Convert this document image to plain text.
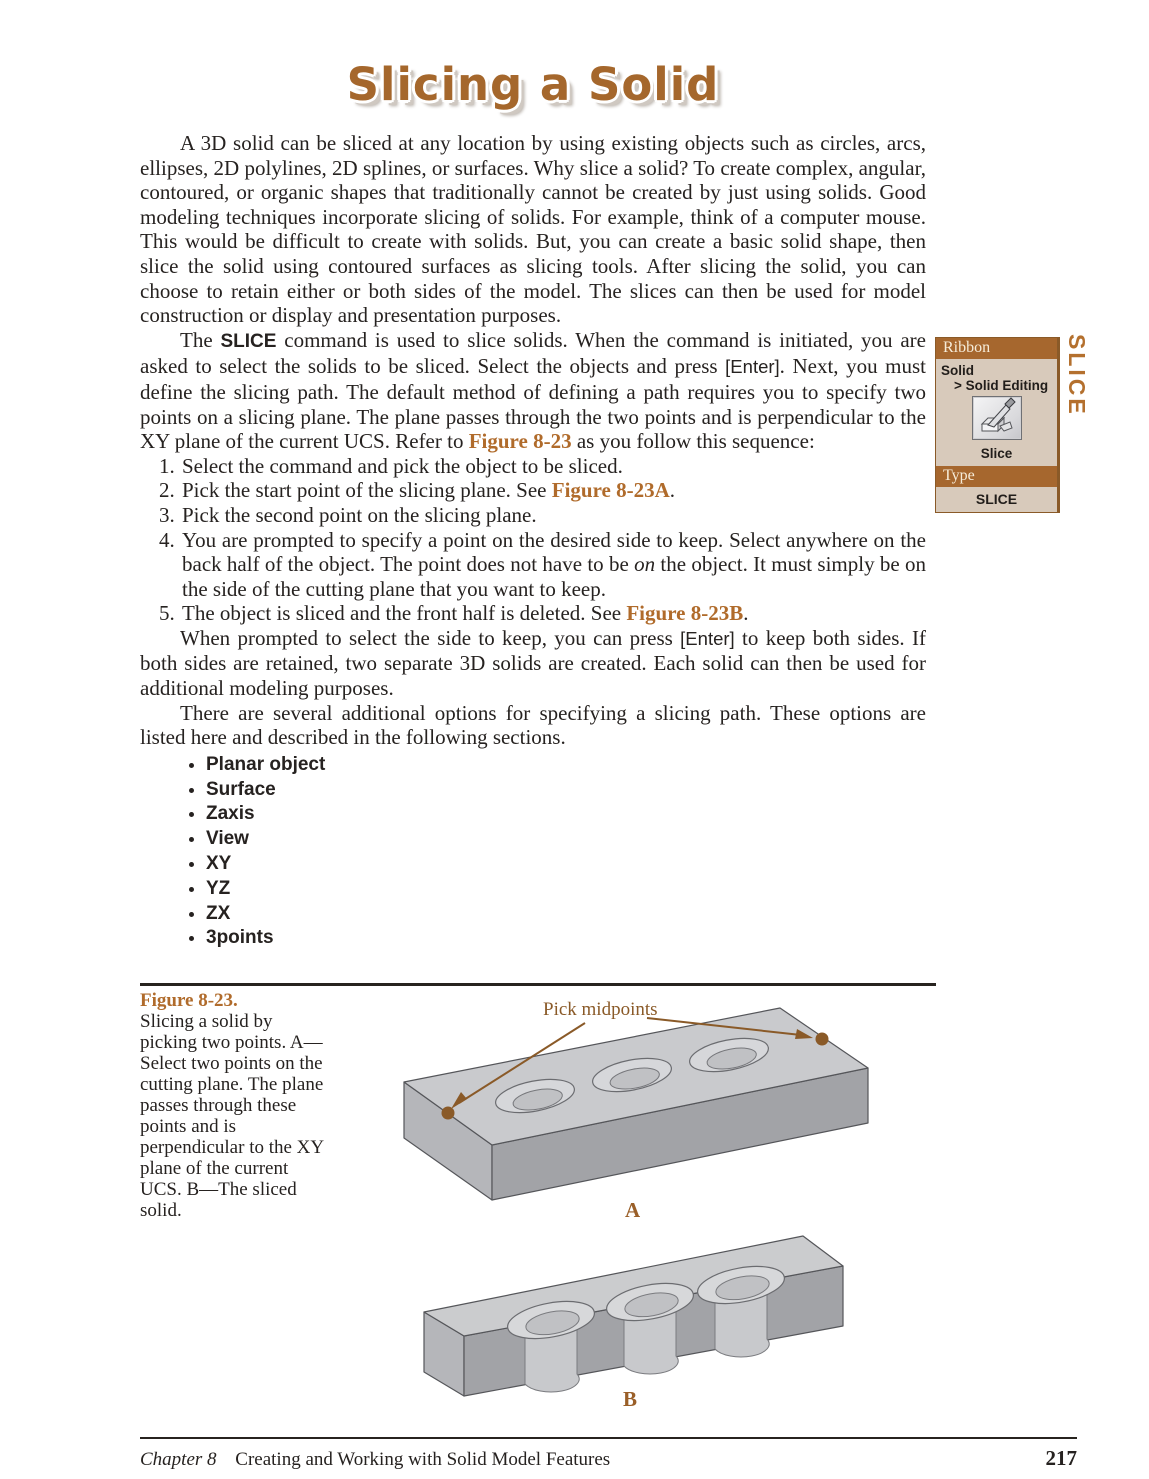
Slicing a Solid

A 3D solid can be sliced at any location by using existing objects such as circles, arcs, ellipses, 2D polylines, 2D splines, or surfaces. Why slice a solid? To create complex, angular, contoured, or organic shapes that traditionally cannot be created by just using solids. Good modeling techniques incorporate slicing of solids. For example, think of a computer mouse. This would be difficult to create with solids. But, you can create a basic solid shape, then slice the solid using contoured surfaces as slicing tools. After slicing the solid, you can choose to retain either or both sides of the model. The slices can then be used for model construction or display and presentation purposes.

The SLICE command is used to slice solids. When the command is initiated, you are asked to select the solids to be sliced. Select the objects and press [Enter]. Next, you must define the slicing path. The default method of defining a path requires you to specify two points on a slicing plane. The plane passes through the two points and is perpendicular to the XY plane of the current UCS. Refer to Figure 8-23 as you follow this sequence:

1. Select the command and pick the object to be sliced.
2. Pick the start point of the slicing plane. See Figure 8-23A.
3. Pick the second point on the slicing plane.
4. You are prompted to specify a point on the desired side to keep. Select anywhere on the back half of the object. The point does not have to be on the object. It must simply be on the side of the cutting plane that you want to keep.
5. The object is sliced and the front half is deleted. See Figure 8-23B.

When prompted to select the side to keep, you can press [Enter] to keep both sides. If both sides are retained, two separate 3D solids are created. Each solid can then be used for additional modeling purposes.

There are several additional options for specifying a slicing path. These options are listed here and described in the following sections.

• Planar object
• Surface
• Zaxis
• View
• XY
• YZ
• ZX
• 3points
Ribbon
Solid
> Solid Editing
Slice
Type
SLICE
SLICE
Figure 8-23.
Slicing a solid by picking two points. A—Select two points on the cutting plane. The plane passes through these points and is perpendicular to the XY plane of the current UCS. B—The sliced solid.
Pick midpoints
A
B
Chapter 8 Creating and Working with Solid Model Features	217
